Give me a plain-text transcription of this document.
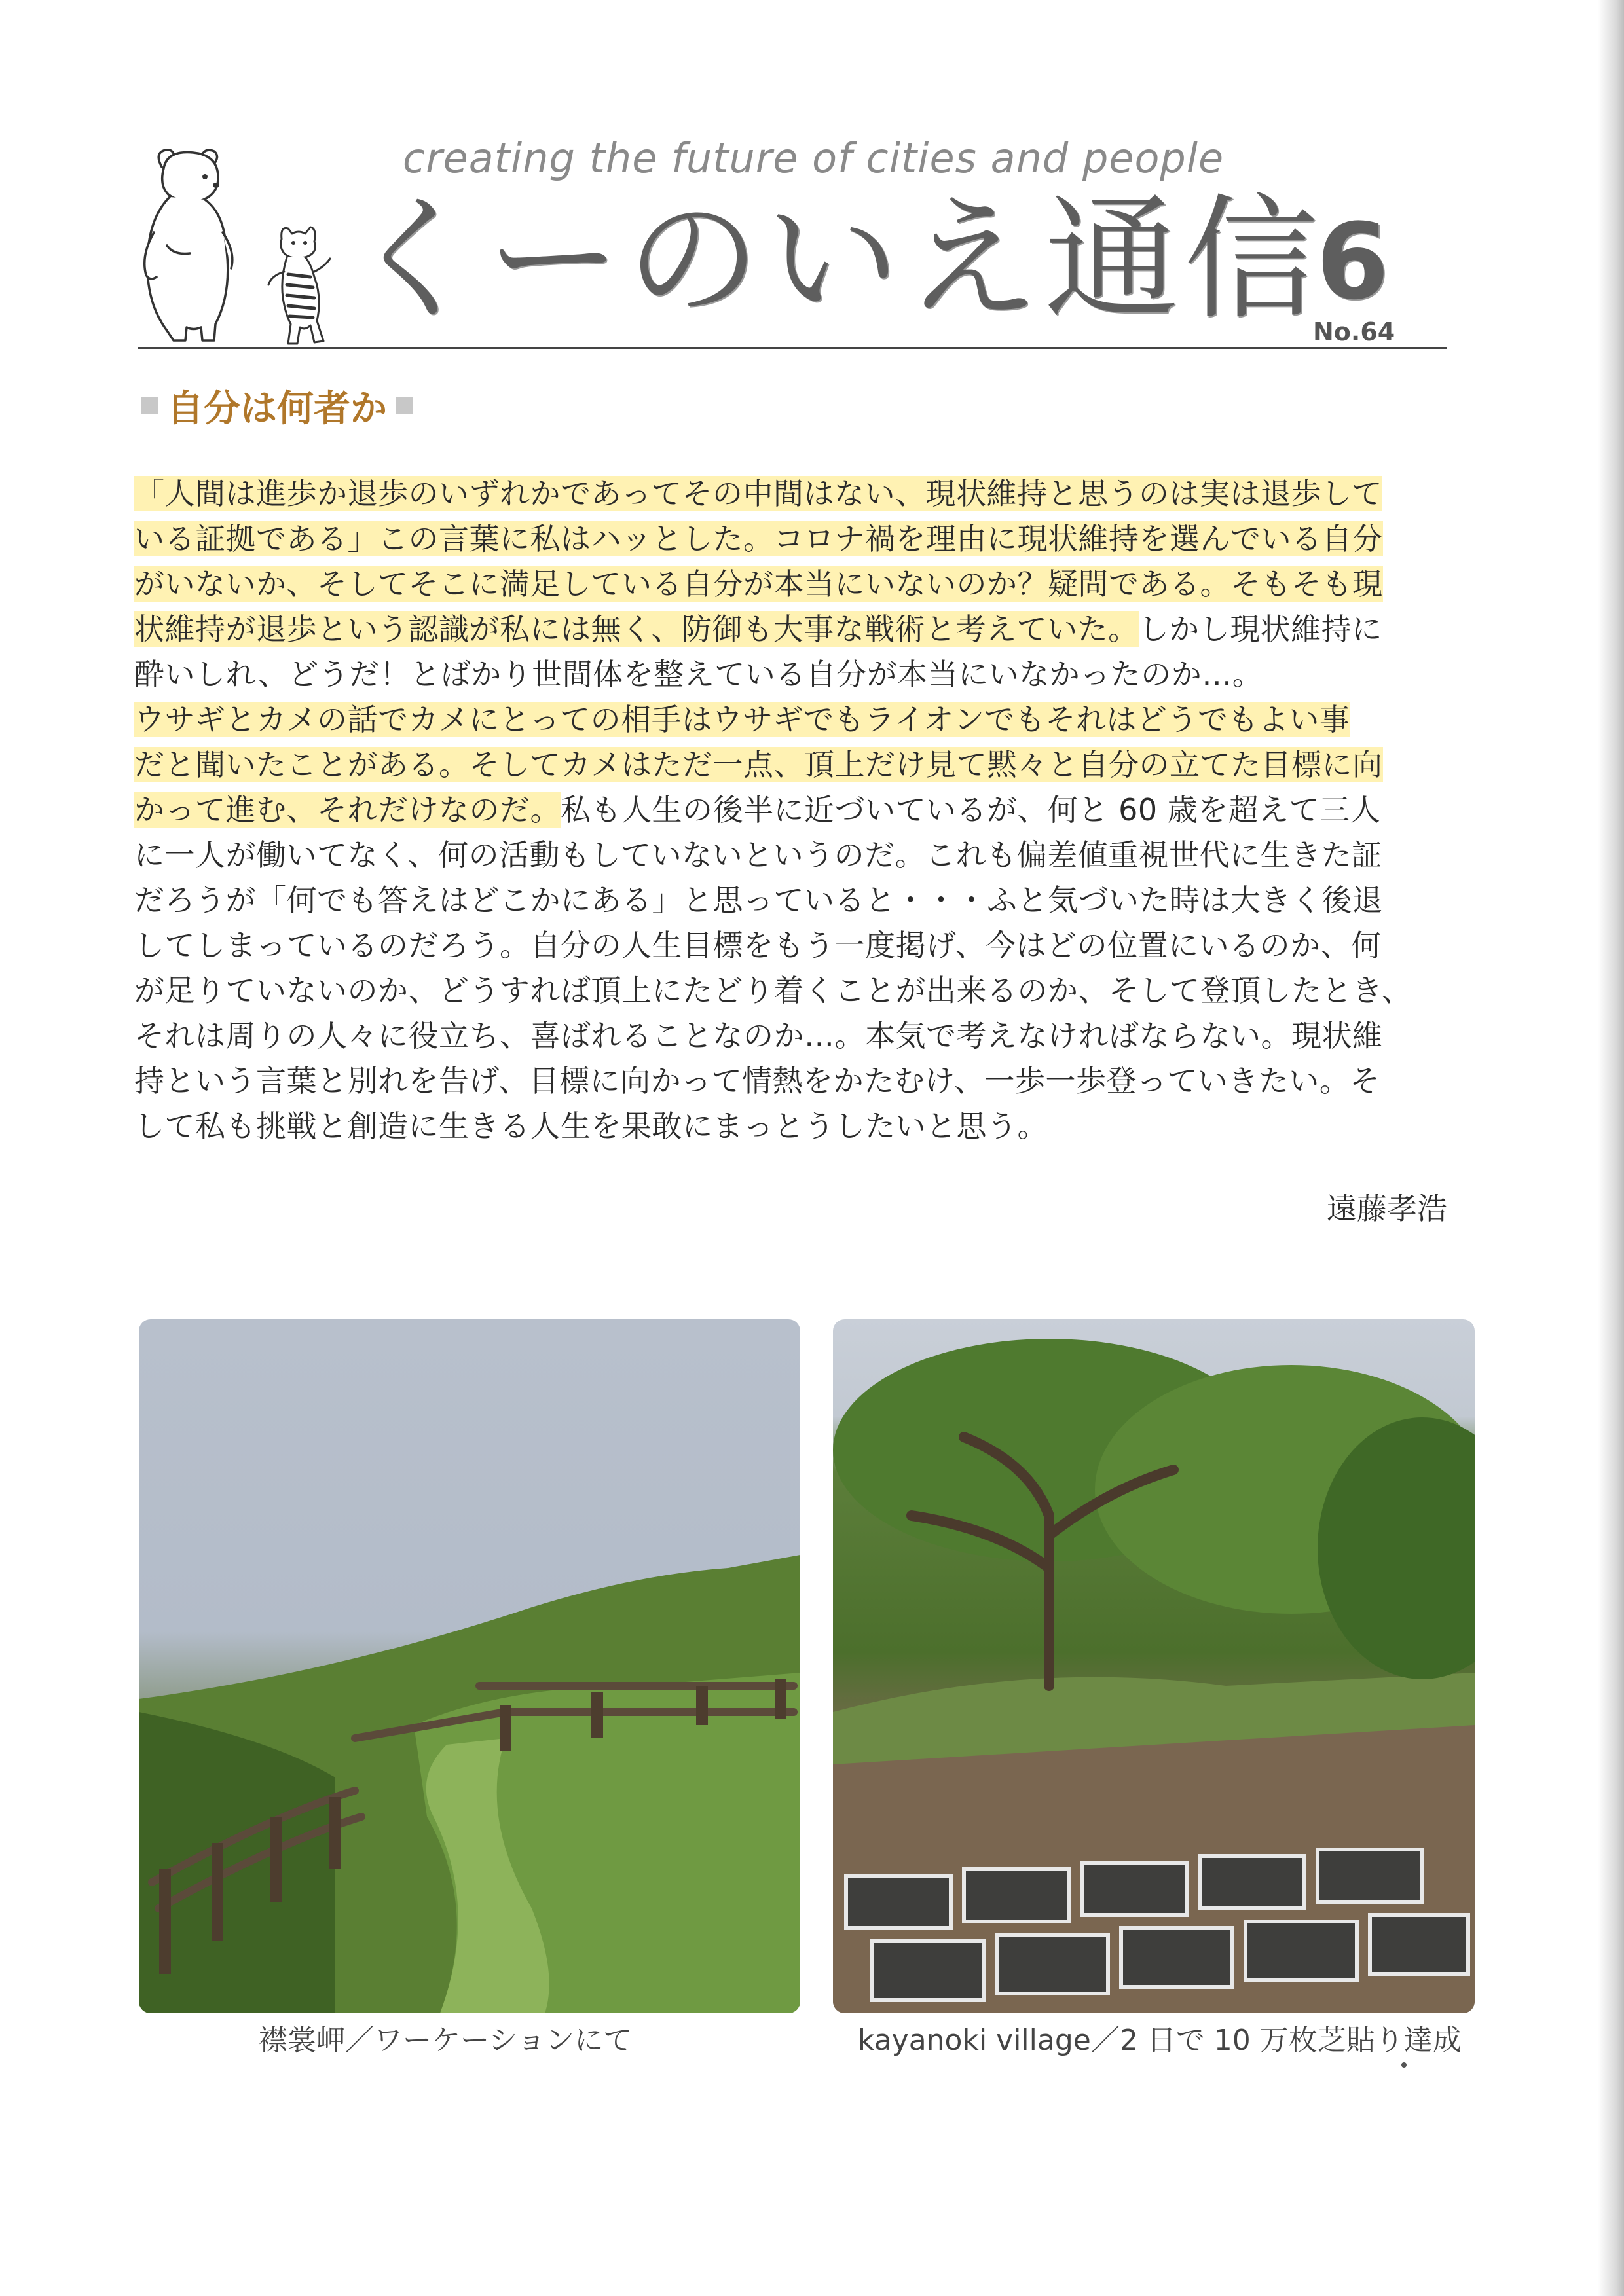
creating the future of cities and people
くーのいえ通信
6
No.64
自分は何者か
「人間は進歩か退歩のいずれかであってその中間はない、現状維持と思うのは実は退歩して
いる証拠である」この言葉に私はハッとした。コロナ禍を理由に現状維持を選んでいる自分
がいないか、そしてそこに満足している自分が本当にいないのか？疑問である。そもそも現
状維持が退歩という認識が私には無く、防御も大事な戦術と考えていた。しかし現状維持に
酔いしれ、どうだ！とばかり世間体を整えている自分が本当にいなかったのか…。
ウサギとカメの話でカメにとっての相手はウサギでもライオンでもそれはどうでもよい事
だと聞いたことがある。そしてカメはただ一点、頂上だけ見て黙々と自分の立てた目標に向
かって進む、それだけなのだ。私も人生の後半に近づいているが、何と 60 歳を超えて三人
に一人が働いてなく、何の活動もしていないというのだ。これも偏差値重視世代に生きた証
だろうが「何でも答えはどこかにある」と思っていると・・・ふと気づいた時は大きく後退
してしまっているのだろう。自分の人生目標をもう一度掲げ、今はどの位置にいるのか、何
が足りていないのか、どうすれば頂上にたどり着くことが出来るのか、そして登頂したとき、
それは周りの人々に役立ち、喜ばれることなのか…。本気で考えなければならない。現状維
持という言葉と別れを告げ、目標に向かって情熱をかたむけ、一歩一歩登っていきたい。そ
して私も挑戦と創造に生きる人生を果敢にまっとうしたいと思う。
遠藤孝浩
襟裳岬／ワーケーションにて	kayanoki village／2 日で 10 万枚芝貼り達成
